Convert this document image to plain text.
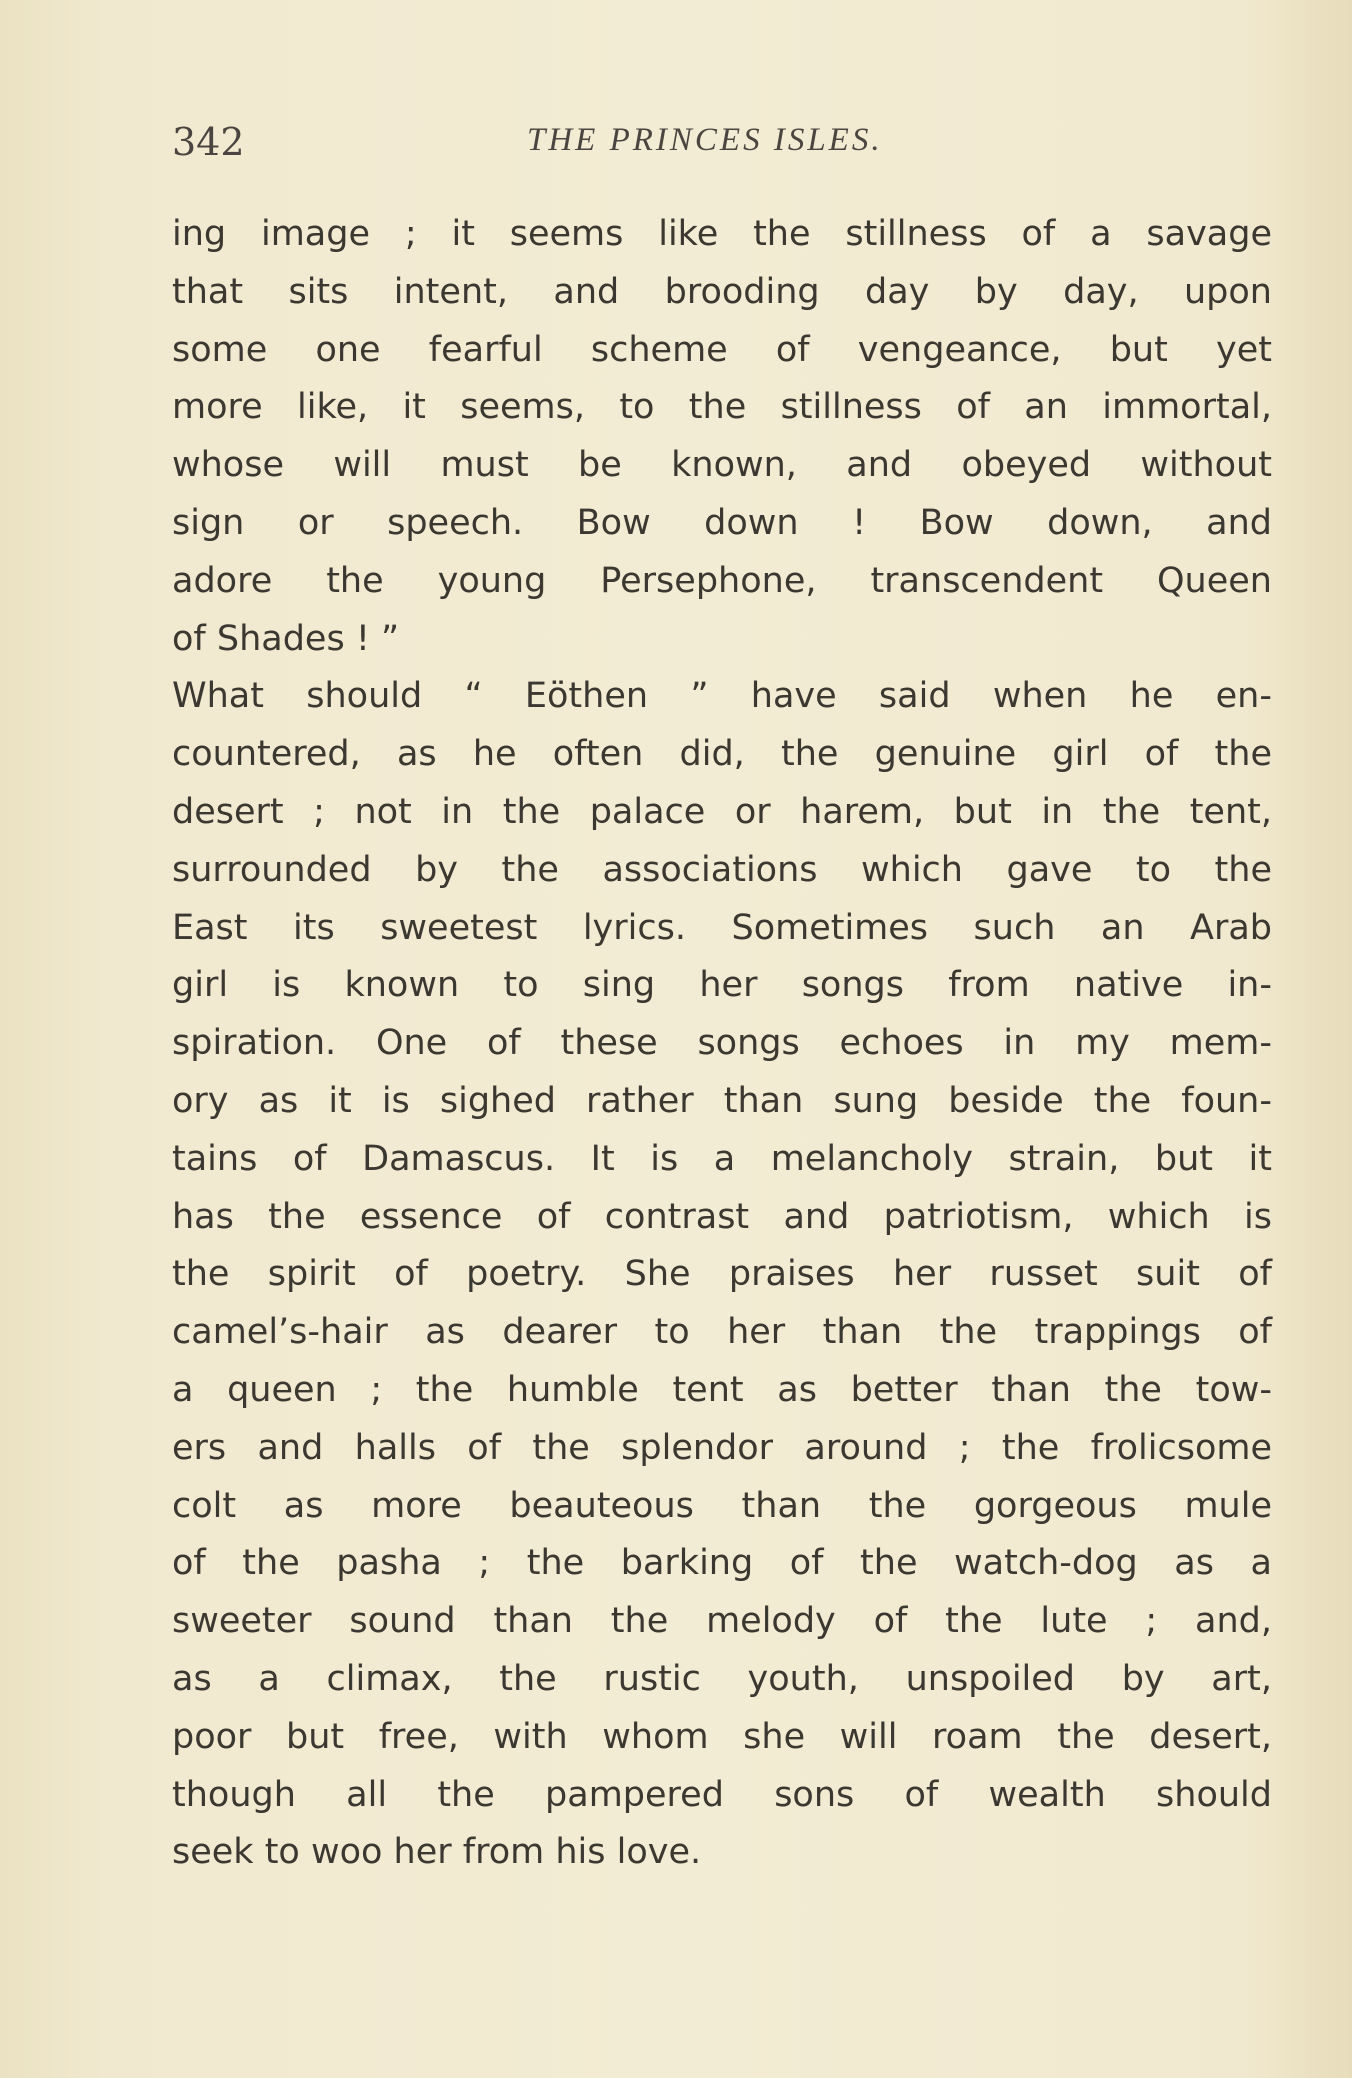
342	THE PRINCES ISLES.
ing image ; it seems like the stillness of a savage
that sits intent, and brooding day by day, upon
some one fearful scheme of vengeance, but yet
more like, it seems, to the stillness of an immortal,
whose will must be known, and obeyed without
sign or speech. Bow down ! Bow down, and
adore the young Persephone, transcendent Queen
of Shades ! ”
What should “ Eöthen ” have said when he en-
countered, as he often did, the genuine girl of the
desert ; not in the palace or harem, but in the tent,
surrounded by the associations which gave to the
East its sweetest lyrics. Sometimes such an Arab
girl is known to sing her songs from native in-
spiration. One of these songs echoes in my mem-
ory as it is sighed rather than sung beside the foun-
tains of Damascus. It is a melancholy strain, but it
has the essence of contrast and patriotism, which is
the spirit of poetry. She praises her russet suit of
camel’s-hair as dearer to her than the trappings of
a queen ; the humble tent as better than the tow-
ers and halls of the splendor around ; the frolicsome
colt as more beauteous than the gorgeous mule
of the pasha ; the barking of the watch-dog as a
sweeter sound than the melody of the lute ; and,
as a climax, the rustic youth, unspoiled by art,
poor but free, with whom she will roam the desert,
though all the pampered sons of wealth should
seek to woo her from his love.
